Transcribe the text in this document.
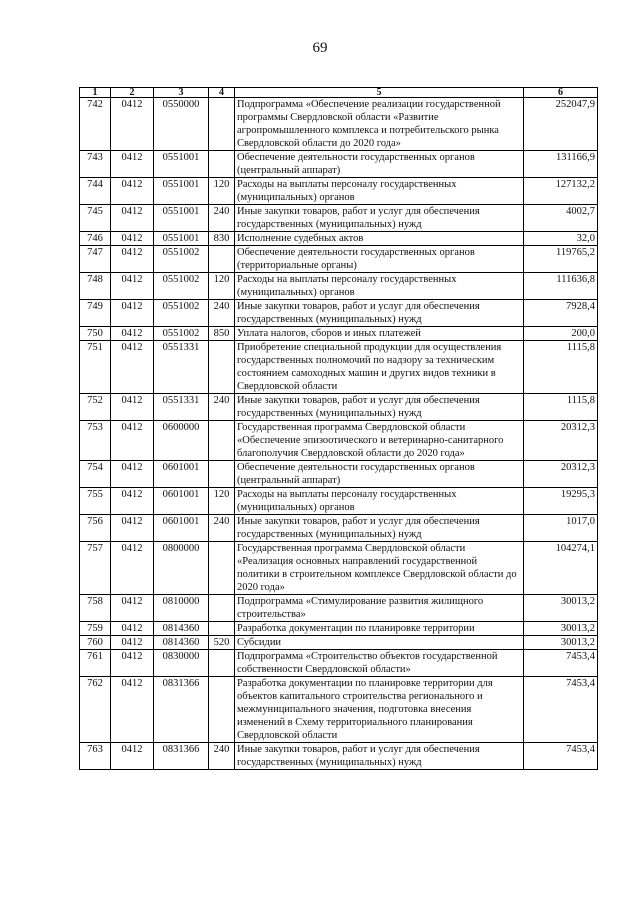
69
1	2	3	4	5	6
742	0412	0550000		Подпрограмма «Обеспечение реализации государственной программы Свердловской области «Развитие агропромышленного комплекса и потребительского рынка Свердловской области до 2020 года»	252047,9
743	0412	0551001		Обеспечение деятельности государственных органов (центральный аппарат)	131166,9
744	0412	0551001	120	Расходы на выплаты персоналу государственных (муниципальных) органов	127132,2
745	0412	0551001	240	Иные закупки товаров, работ и услуг для обеспечения государственных (муниципальных) нужд	4002,7
746	0412	0551001	830	Исполнение судебных актов	32,0
747	0412	0551002		Обеспечение деятельности государственных органов (территориальные органы)	119765,2
748	0412	0551002	120	Расходы на выплаты персоналу государственных (муниципальных) органов	111636,8
749	0412	0551002	240	Иные закупки товаров, работ и услуг для обеспечения государственных (муниципальных) нужд	7928,4
750	0412	0551002	850	Уплата налогов, сборов и иных платежей	200,0
751	0412	0551331		Приобретение специальной продукции для осуществления государственных полномочий по надзору за техническим состоянием самоходных машин и других видов техники в Свердловской области	1115,8
752	0412	0551331	240	Иные закупки товаров, работ и услуг для обеспечения государственных (муниципальных) нужд	1115,8
753	0412	0600000		Государственная программа Свердловской области «Обеспечение эпизоотического и ветеринарно-санитарного благополучия Свердловской области до 2020 года»	20312,3
754	0412	0601001		Обеспечение деятельности государственных органов (центральный аппарат)	20312,3
755	0412	0601001	120	Расходы на выплаты персоналу государственных (муниципальных) органов	19295,3
756	0412	0601001	240	Иные закупки товаров, работ и услуг для обеспечения государственных (муниципальных) нужд	1017,0
757	0412	0800000		Государственная программа Свердловской области «Реализация основных направлений государственной политики в строительном комплексе Свердловской области до 2020 года»	104274,1
758	0412	0810000		Подпрограмма «Стимулирование развития жилищного строительства»	30013,2
759	0412	0814360		Разработка документации по планировке территории	30013,2
760	0412	0814360	520	Субсидии	30013,2
761	0412	0830000		Подпрограмма «Строительство объектов государственной собственности Свердловской области»	7453,4
762	0412	0831366		Разработка документации по планировке территории для объектов капитального строительства регионального и межмуниципального значения, подготовка внесения изменений в Схему территориального планирования Свердловской области	7453,4
763	0412	0831366	240	Иные закупки товаров, работ и услуг для обеспечения государственных (муниципальных) нужд	7453,4
